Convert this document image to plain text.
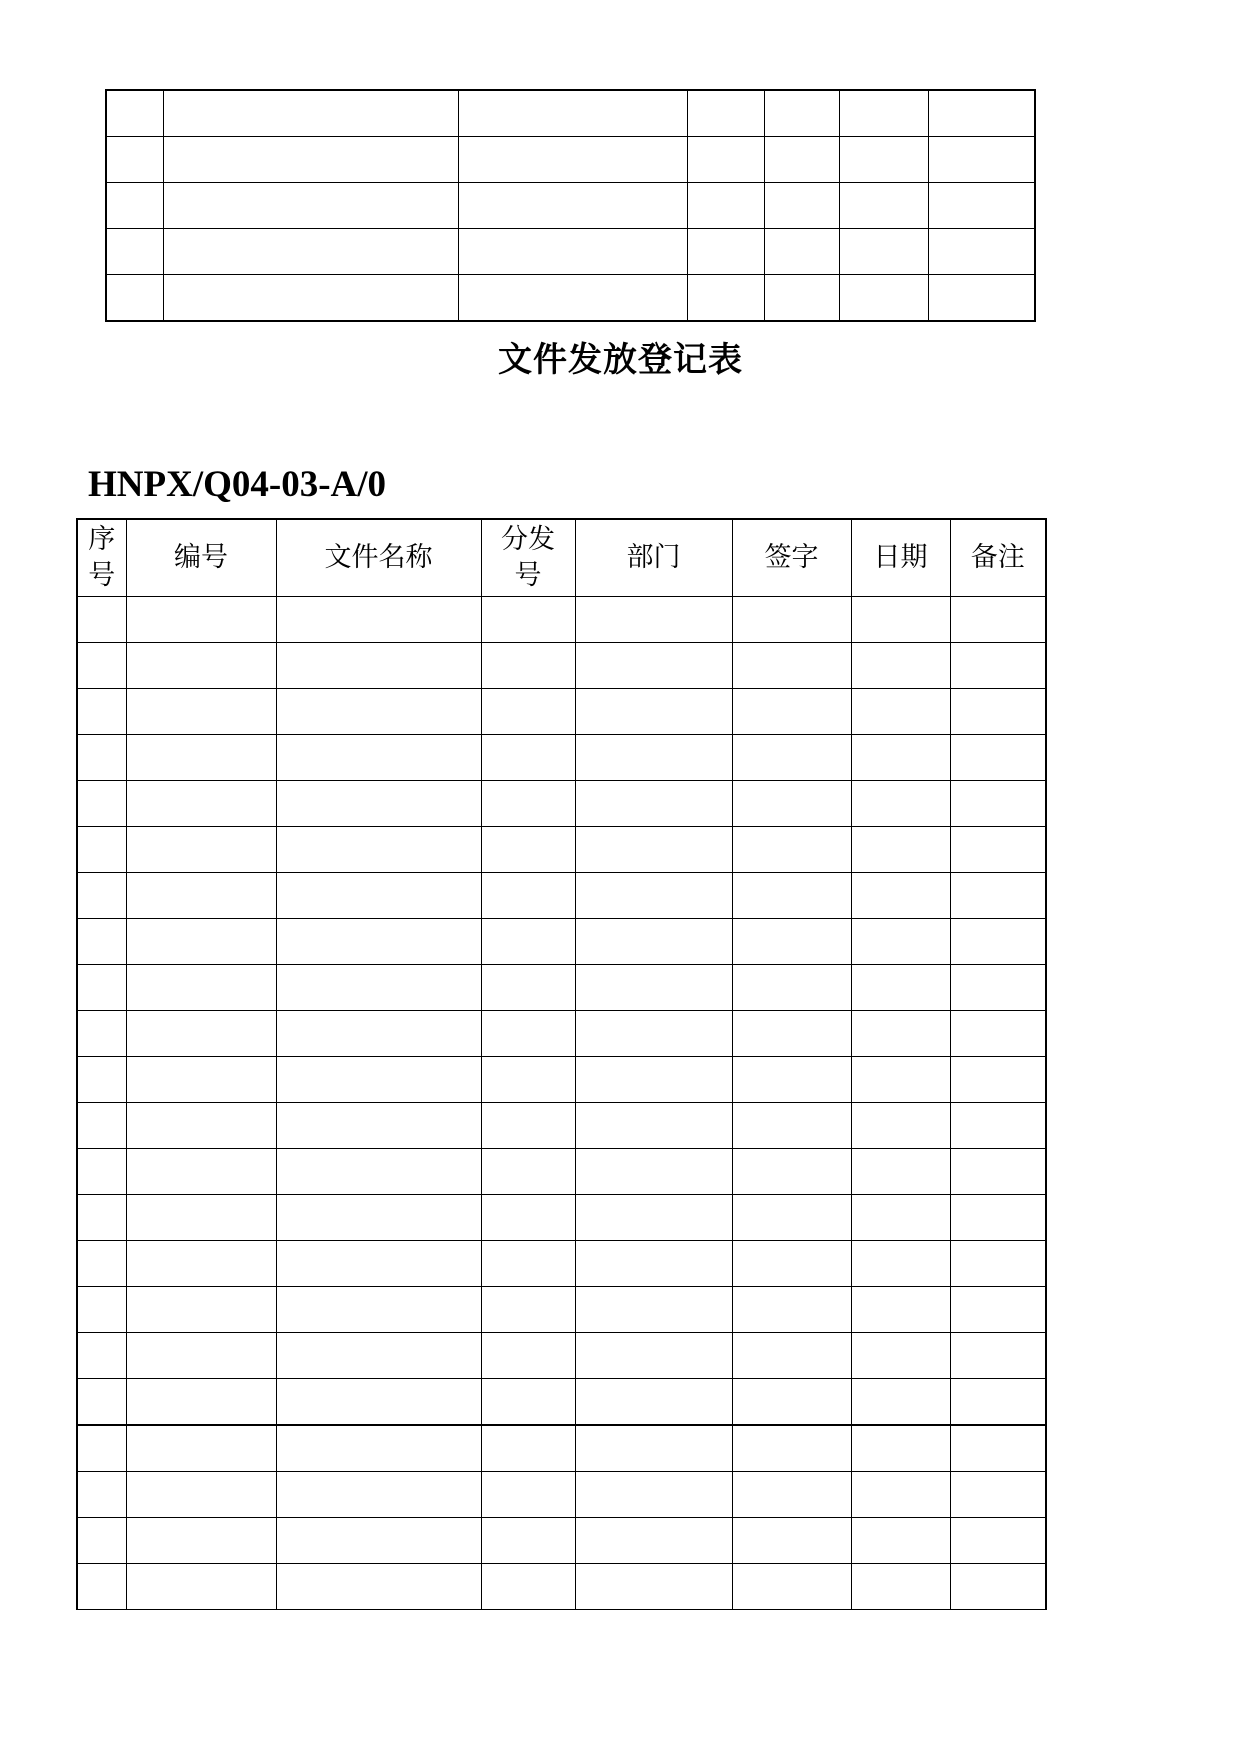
文件发放登记表
HNPX/Q04-03-A/0
序号	编号	文件名称	分发号	部门	签字	日期	备注
